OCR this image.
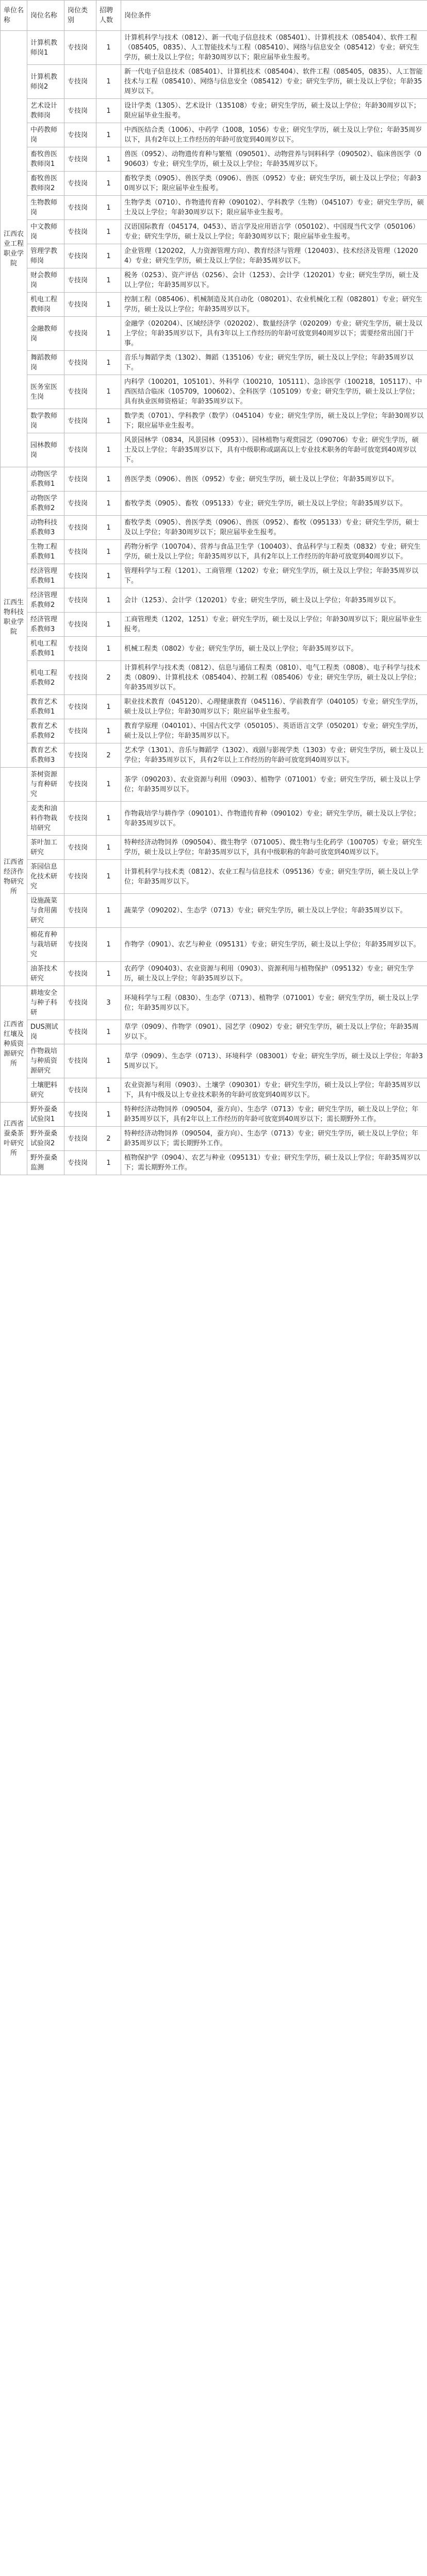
单位名称	岗位名称	岗位类别	招聘人数	岗位条件
江西农业工程职业学院	计算机教师岗1	专技岗	1	计算机科学与技术（0812）、新一代电子信息技术（085401）、计算机技术（085404）、软件工程（085405，0835）、人工智能技术与工程（085410）、网络与信息安全（085412）专业；研究生学历，硕士及以上学位；年龄30周岁以下；限应届毕业生报考。
	计算机教师岗2	专技岗	1	新一代电子信息技术（085401）、计算机技术（085404）、软件工程（085405，0835）、人工智能技术与工程（085410）、网络与信息安全（085412）专业；研究生学历，硕士及以上学位；年龄35周岁以下。
	艺术设计教师岗	专技岗	1	设计学类（1305）、艺术设计（135108）专业；研究生学历，硕士及以上学位；年龄30周岁以下；限应届毕业生报考。
	中药教师岗	专技岗	1	中西医结合类（1006）、中药学（1008，1056）专业；研究生学历，硕士及以上学位；年龄35周岁以下，具有2年以上工作经历的年龄可放宽到40周岁以下。
	畜牧兽医教师岗1	专技岗	1	兽医（0952）、动物遗传育种与繁殖（090501）、动物营养与饲料科学（090502）、临床兽医学（090603）专业；研究生学历，硕士及以上学位；年龄35周岁以下。
	畜牧兽医教师岗2	专技岗	1	畜牧学类（0905）、兽医学类（0906）、兽医（0952）专业；研究生学历，硕士及以上学位；年龄30周岁以下；限应届毕业生报考。
	生物教师岗	专技岗	1	生物学类（0710）、作物遗传育种（090102）、学科教学（生物）（045107）专业；研究生学历，硕士及以上学位；年龄30周岁以下；限应届毕业生报考。
	中文教师岗	专技岗	1	汉语国际教育（045174，0453）、语言学及应用语言学（050102）、中国现当代文学（050106）专业；研究生学历，硕士及以上学位；年龄30周岁以下；限应届毕业生报考。
	管理学教师岗	专技岗	1	企业管理（120202，人力资源管理方向）、教育经济与管理（120403）、技术经济及管理（120204）专业；研究生学历，硕士及以上学位；年龄35周岁以下。
	财会教师岗	专技岗	1	税务（0253）、资产评估（0256）、会计（1253）、会计学（120201）专业；研究生学历，硕士及以上学位；年龄35周岁以下。
	机电工程教师岗	专技岗	1	控制工程（085406）、机械制造及其自动化（080201）、农业机械化工程（082801）专业；研究生学历，硕士及以上学位；年龄35周岁以下。
	金融教师岗	专技岗	1	金融学（020204）、区域经济学（020202）、数量经济学（020209）专业；研究生学历，硕士及以上学位；年龄35周岁以下，具有3年以上工作经历的年龄可放宽到40周岁以下；需要经常出国门干事。
	舞蹈教师岗	专技岗	1	音乐与舞蹈学类（1302）、舞蹈（135106）专业；研究生学历，硕士及以上学位；年龄35周岁以下。
	医务室医生岗	专技岗	1	内科学（100201，105101）、外科学（100210，105111）、急诊医学（100218，105117）、中西医结合临床（105709，100602）、全科医学（105109）专业；研究生学历，硕士及以上学位；具有执业医师资格证；年龄35周岁以下。
	数学教师岗	专技岗	1	数学类（0701）、学科教学（数学）（045104）专业；研究生学历，硕士及以上学位；年龄30周岁以下；限应届毕业生报考。
	园林教师岗	专技岗	1	风景园林学（0834，风景园林（0953））、园林植物与观赏园艺（090706）专业；研究生学历，硕士及以上学位；年龄35周岁以下，具有中级职称或副高以上专业技术职务的年龄可放宽到40周岁以下。
江西生物科技职业学院	动物医学系教师1	专技岗	1	兽医学类（0906）、兽医（0952）专业；研究生学历，硕士及以上学位；年龄35周岁以下。
	动物医学系教师2	专技岗	1	畜牧学类（0905）、畜牧（095133）专业；研究生学历，硕士及以上学位；年龄35周岁以下。
	动物科技系教师3	专技岗	1	畜牧学类（0905）、兽医学类（0906）、兽医（0952）、畜牧（095133）专业；研究生学历，硕士及以上学位；年龄30周岁以下；限应届毕业生报考。
	生物工程系教师1	专技岗	1	药物分析学（100704）、营养与食品卫生学（100403）、食品科学与工程类（0832）专业；研究生学历，硕士及以上学位；年龄35周岁以下，具有2年以上工作经历的年龄可放宽到40周岁以下。
	经济管理系教师1	专技岗	1	管理科学与工程（1201）、工商管理（1202）专业；研究生学历，硕士及以上学位；年龄35周岁以下。
	经济管理系教师2	专技岗	1	会计（1253）、会计学（120201）专业；研究生学历，硕士及以上学位；年龄35周岁以下。
	经济管理系教师3	专技岗	1	工商管理类（1202，1251）专业；研究生学历，硕士及以上学位；年龄30周岁以下；限应届毕业生报考。
	机电工程系教师1	专技岗	1	机械工程类（0802）专业；研究生学历，硕士及以上学位；年龄35周岁以下。
	机电工程系教师2	专技岗	2	计算机科学与技术类（0812）、信息与通信工程类（0810）、电气工程类（0808）、电子科学与技术类（0809）、计算机技术（085404）、控制工程（085406）专业；研究生学历，硕士及以上学位；年龄35周岁以下。
	教育艺术系教师1	专技岗	1	职业技术教育（045120）、心理健康教育（045116）、学前教育学（040105）专业；研究生学历，硕士及以上学位；年龄30周岁以下；限应届毕业生报考。
	教育艺术系教师2	专技岗	1	教育学原理（040101）、中国古代文学（050105）、英语语言文学（050201）专业；研究生学历，硕士及以上学位；年龄35周岁以下。
	教育艺术系教师3	专技岗	2	艺术学（1301）、音乐与舞蹈学（1302）、戏剧与影视学类（1303）专业；研究生学历，硕士及以上学位；年龄35周岁以下，具有2年以上工作经历的年龄可放宽到40周岁以下。
江西省经济作物研究所	茶树资源与育种研究	专技岗	1	茶学（090203）、农业资源与利用（0903）、植物学（071001）专业；研究生学历，硕士及以上学位；年龄35周岁以下。
	麦类和油料作物栽培研究	专技岗	1	作物栽培学与耕作学（090101）、作物遗传育种（090102）专业；研究生学历，硕士及以上学位；年龄35周岁以下。
	茶叶加工研究	专技岗	1	特种经济动物饲养（090504）、微生物学（071005）、微生物与生化药学（100705）专业；研究生学历，硕士及以上学位；年龄35周岁以下，具有中级职称的年龄可放宽到40周岁以下。
	茶园信息化技术研究	专技岗	1	计算机科学与技术类（0812）、农业工程与信息技术（095136）专业；研究生学历，硕士及以上学位；年龄35周岁以下。
	设施蔬菜与食用菌研究	专技岗	1	蔬菜学（090202）、生态学（0713）专业；研究生学历，硕士及以上学位；年龄35周岁以下。
	棉花育种与栽培研究	专技岗	1	作物学（0901）、农艺与种业（095131）专业；研究生学历，硕士及以上学位；年龄35周岁以下。
	油茶技术研究	专技岗	1	农药学（090403）、农业资源与利用（0903）、资源利用与植物保护（095132）专业；研究生学历，硕士及以上学位；年龄35周岁以下。
江西省红壤及种质资源研究所	耕地安全与种子科研	专技岗	3	环境科学与工程（0830）、生态学（0713）、植物学（071001）专业；研究生学历，硕士及以上学位；年龄35周岁以下。
	DUS测试岗	专技岗	1	草学（0909）、作物学（0901）、园艺学（0902）专业；研究生学历，硕士及以上学位；年龄35周岁以下。
	作物栽培与种质资源研究	专技岗	1	草学（0909）、生态学（0713）、环境科学（083001）专业；研究生学历，硕士及以上学位；年龄35周岁以下。
	土壤肥料研究	专技岗	1	农业资源与利用（0903）、土壤学（090301）专业；研究生学历，硕士及以上学位；年龄35周岁以下，具有中级及以上专业技术职务的年龄可放宽到40周岁以下。
江西省蚕桑茶叶研究所	野外蚕桑试验岗1	专技岗	1	特种经济动物饲养（090504，蚕方向）、生态学（0713）专业；研究生学历，硕士及以上学位；年龄35周岁以下，具有2年以上工作经历的年龄可放宽到40周岁以下；需长期野外工作。
	野外蚕桑试验岗2	专技岗	2	特种经济动物饲养（090504，蚕方向）、生态学（0713）专业；研究生学历，硕士及以上学位；年龄35周岁以下；需长期野外工作。
	野外蚕桑监测	专技岗	1	植物保护学（0904）、农艺与种业（095131）专业；研究生学历，硕士及以上学位；年龄35周岁以下；需长期野外工作。
